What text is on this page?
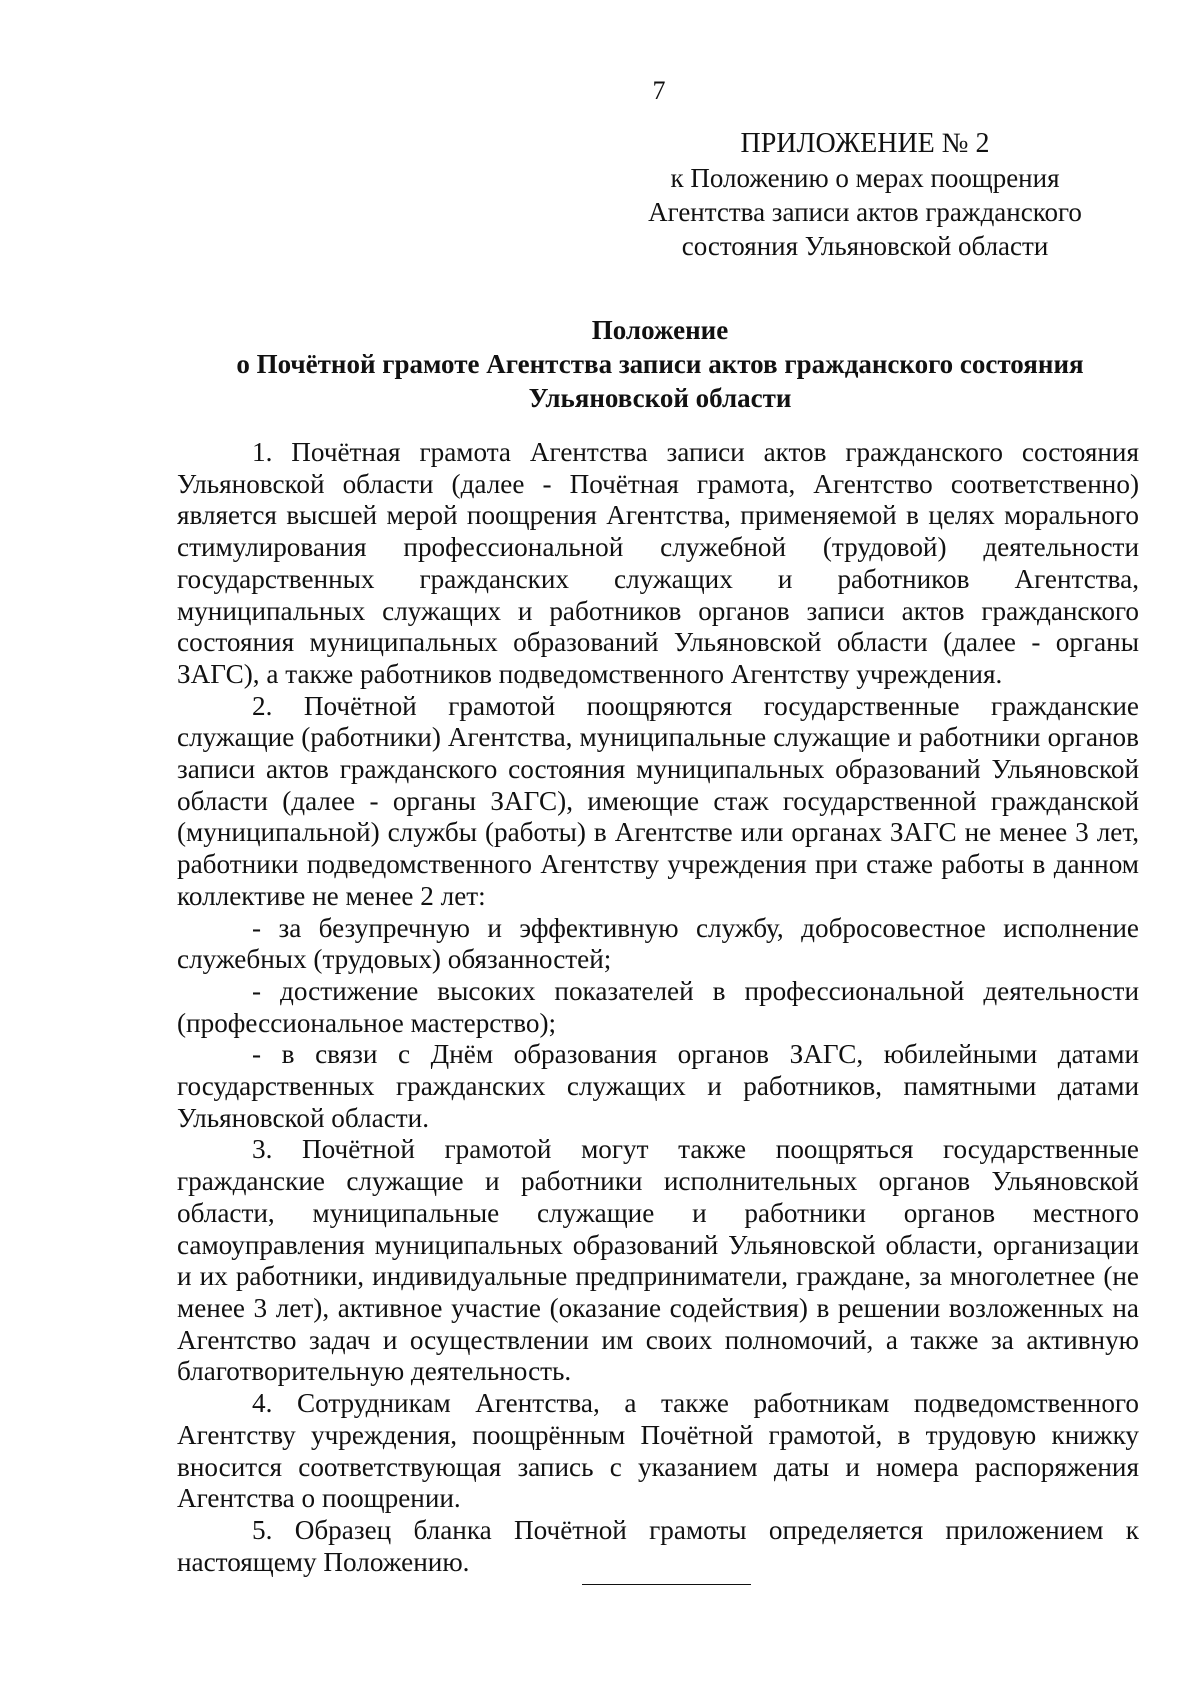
7
ПРИЛОЖЕНИЕ № 2
к Положению о мерах поощрения
Агентства записи актов гражданского
состояния Ульяновской области
Положение
о Почётной грамоте Агентства записи актов гражданского состояния
Ульяновской области

1. Почётная грамота Агентства записи актов гражданского состояния Ульяновской области (далее - Почётная грамота, Агентство соответственно) является высшей мерой поощрения Агентства, применяемой в целях морального стимулирования профессиональной служебной (трудовой) деятельности государственных гражданских служащих и работников Агентства, муниципальных служащих и работников органов записи актов гражданского состояния муниципальных образований Ульяновской области (далее - органы ЗАГС), а также работников подведомственного Агентству учреждения.

2. Почётной грамотой поощряются государственные гражданские служащие (работники) Агентства, муниципальные служащие и работники органов записи актов гражданского состояния муниципальных образований Ульяновской области (далее - органы ЗАГС), имеющие стаж государственной гражданской (муниципальной) службы (работы) в Агентстве или органах ЗАГС не менее 3 лет, работники подведомственного Агентству учреждения при стаже работы в данном коллективе не менее 2 лет:

- за безупречную и эффективную службу, добросовестное исполнение служебных (трудовых) обязанностей;

- достижение высоких показателей в профессиональной деятельности (профессиональное мастерство);

- в связи с Днём образования органов ЗАГС, юбилейными датами государственных гражданских служащих и работников, памятными датами Ульяновской области.

3. Почётной грамотой могут также поощряться государственные гражданские служащие и работники исполнительных органов Ульяновской области, муниципальные служащие и работники органов местного самоуправления муниципальных образований Ульяновской области, организации и их работники, индивидуальные предприниматели, граждане, за многолетнее (не менее 3 лет), активное участие (оказание содействия) в решении возложенных на Агентство задач и осуществлении им своих полномочий, а также за активную благотворительную деятельность.

4. Сотрудникам Агентства, а также работникам подведомственного Агентству учреждения, поощрённым Почётной грамотой, в трудовую книжку вносится соответствующая запись с указанием даты и номера распоряжения Агентства о поощрении.

5. Образец бланка Почётной грамоты определяется приложением к настоящему Положению.
